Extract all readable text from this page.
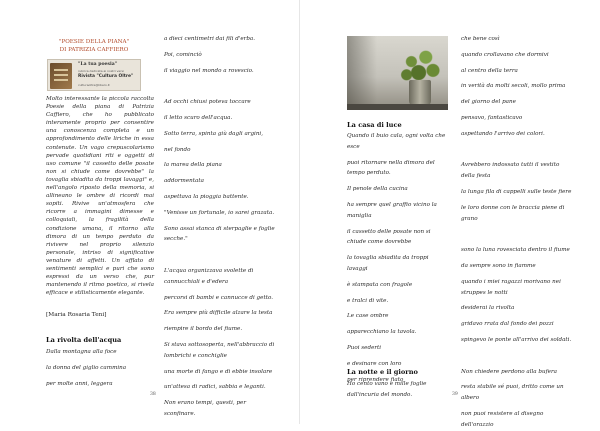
"POESIE DELLA PIANA"
DI PATRIZIA CAFFIERO
"La tua poesia"
rubrica dedicata ai nostri versi
Rivista "Cultura Oltre"
culturaoltre@libero.it

Molto interessante la piccola raccolta Poesie della piana di Patrizia Caffiero, che ho pubblicato interamente proprio per consentire una conoscenza completa e un approfondimento delle liriche in essa contenute. Un vago crepuscolarismo pervade quotidiani riti e oggetti di uso comune "il cassetto delle posate non si chiude come dovrebbe" la tovaglia sbiadita da troppi lavaggi" e, nell'angolo riposto della memoria, si allineano le ombre di ricordi mai sopiti. Rivive un'atmosfera che ricorre a immagini dimesse e colloquiali, la fragilità della condizione umana, il ritorno alla dimora di un tempo perduto da rivivere nel proprio silenzio personale, intriso di significative venature di affetti. Un afflato di sentimenti semplici e puri che sono espressi da un verso che, pur mantenendo il ritmo poetico, si rivela efficace e stilisticamente elegante.

[Maria Rosaria Teni]
La rivolta dell'acqua

Dalla montagna alla foce

la donna del giglio cammina

per molte anni, leggera

a dieci centimetri dai fili d'erba.

Poi, cominciò

il viaggio nel mondo a rovescio.

Ad occhi chiusi poteva toccare

il letto scuro dell'acqua.

Sotto terra, spinta giù dagli argini,

nel fondo

la marea della piana

addormentata

aspettava la pioggia battente.

"Venisse un fortunale, io sarei grazata.

Sono assai stanca di sterpaglie e foglie secche."

L'acqua organizzava svolette di cannucchiali e d'edera

percorsi di bambi e cannucce di getto.

Era sempre più difficile alzare la testa

riempire il bordo del fiume.

Si stava sottosoperta, nell'abbraccio di lombrichi e conchiglie

una morte di fango e di ebbie insolare

un'attesa di radici, sabbia e leganti.

Non erano tempi, questi, per sconfinare.

38
La casa di luce

Quando il buio cala, ogni volta che esce

puoi ritornare nella dimora del tempo perduto.

Il penole della cucina

ha sempre quel graffio vicino la maniglia

il cassetto delle posate non si chiude come dovrebbe

la tovaglia sbiadita da troppi lavaggi

è stampata con fragole

e tralci di vite.

Le case ombre

apparecchiano la tavola.

Puoi sederti

e desinare con loro

per riprendere fiato

dall'incuria del mondo.

La notte e il giorno

Ho cento vano e mille foglie

che bene così

quando crollavano che dormivi

al centro della terra

in verità da molti secoli, mollo prima

del giorno del pane

pensavo, fantasticavo

aspettando l'arrivo dei colori.

Avrebbero indossato tutti il vestito della festa

la lunga fila di cappelli sulle teste fiere

le loro donne con le braccia piene di grano

sono la luna rovesciata dentro il fiume

da sempre sono in fiamme

quando i miei ragazzi morivano nei struppes le notti

desiderai la rivolta

gridavo rrata dal fondo dei pozzi

spingevo le ponte all'arrivo dei soldati.

Non chiedere perdono alla bufera

resta stabile sé puoi, dritto come un albero

non puoi resistere al disegno dell'orazzio

39
